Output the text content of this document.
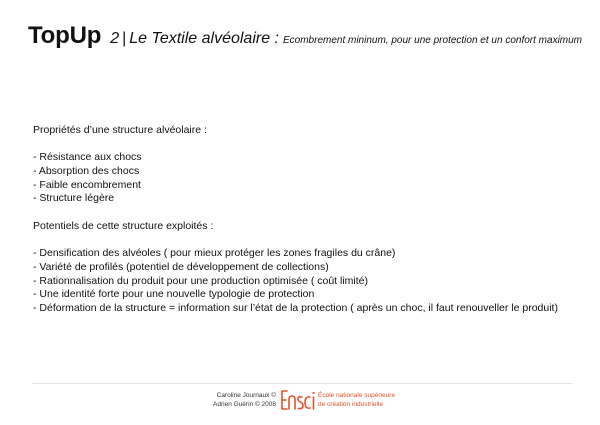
TopUp 2 | Le Textile alvéolaire : Ecombrement mininum, pour une protection et un confort maximum
Propriétés d’une structure alvéolaire :
- Résistance aux chocs
- Absorption des chocs
- Faible encombrement
- Structure légère
Potentiels de cette structure exploités :
- Densification des alvéoles ( pour mieux protéger les zones fragiles du crâne)
- Variété de profilés (potentiel de développement de collections)
- Rationnalisation du produit pour une production optimisée ( coût limité)
- Une identité forte pour une nouvelle typologie de protection
- Déformation de la structure = information sur l’état de la protection ( après un choc, il faut renouveller le produit)
Caroline Journaux ©
Adrien Guérin © 2008
École nationale supérieure
de création industrielle
